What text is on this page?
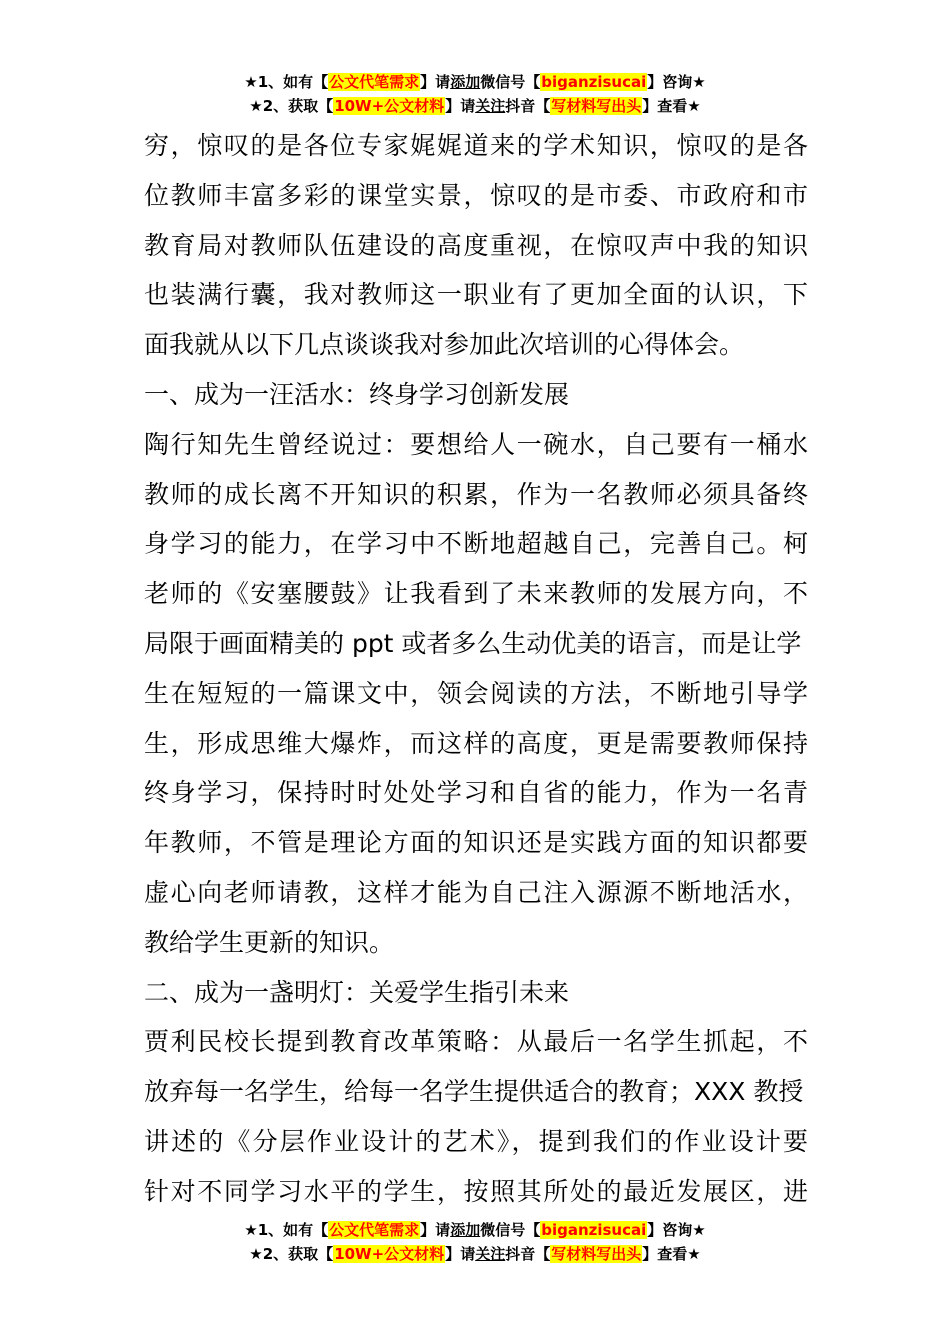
★1、如有【公文代笔需求】请添加微信号【biganzisucai】咨询★
★2、获取【10W+公文材料】请关注抖音【写材料写出头】查看★
穷，惊叹的是各位专家娓娓道来的学术知识，惊叹的是各
位教师丰富多彩的课堂实景，惊叹的是市委、市政府和市
教育局对教师队伍建设的高度重视，在惊叹声中我的知识
也装满行囊，我对教师这一职业有了更加全面的认识，下
面我就从以下几点谈谈我对参加此次培训的心得体会。
一、成为一汪活水：终身学习创新发展
陶行知先生曾经说过：要想给人一碗水，自己要有一桶水
教师的成长离不开知识的积累，作为一名教师必须具备终
身学习的能力，在学习中不断地超越自己，完善自己。柯
老师的《安塞腰鼓》让我看到了未来教师的发展方向，不
局限于画面精美的 ppt 或者多么生动优美的语言，而是让学
生在短短的一篇课文中，领会阅读的方法，不断地引导学
生，形成思维大爆炸，而这样的高度，更是需要教师保持
终身学习，保持时时处处学习和自省的能力，作为一名青
年教师，不管是理论方面的知识还是实践方面的知识都要
虚心向老师请教，这样才能为自己注入源源不断地活水，
教给学生更新的知识。
二、成为一盏明灯：关爱学生指引未来
贾利民校长提到教育改革策略：从最后一名学生抓起，不
放弃每一名学生，给每一名学生提供适合的教育；XXX 教授
讲述的《分层作业设计的艺术》，提到我们的作业设计要
针对不同学习水平的学生，按照其所处的最近发展区，进
★1、如有【公文代笔需求】请添加微信号【biganzisucai】咨询★
★2、获取【10W+公文材料】请关注抖音【写材料写出头】查看★
